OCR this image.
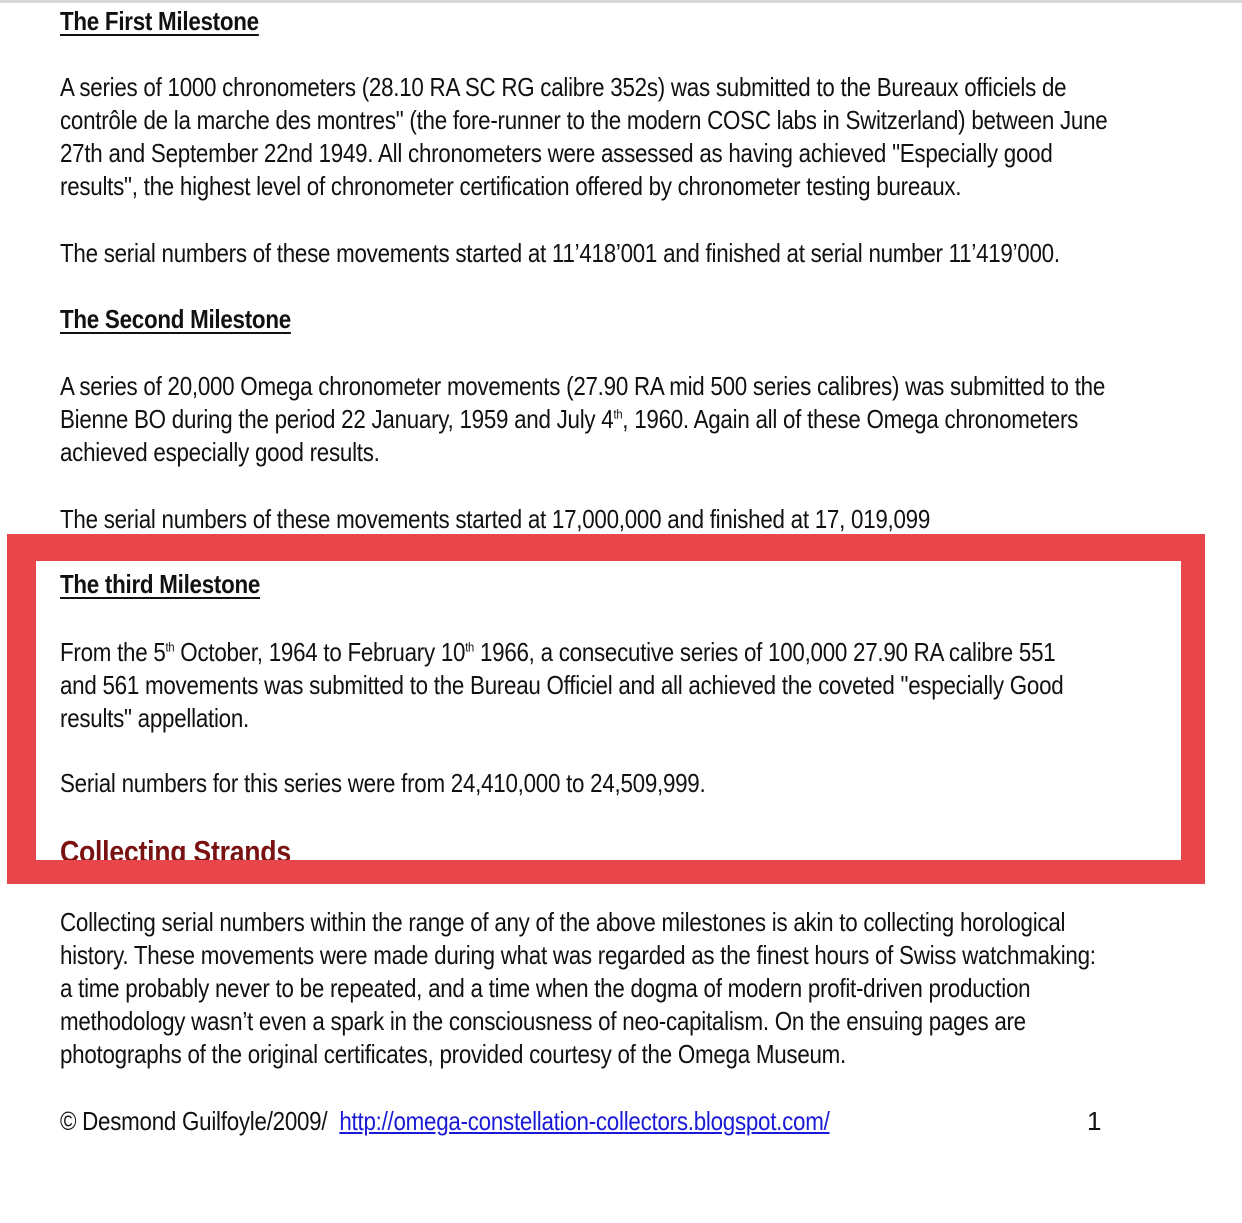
The First Milestone
A series of 1000 chronometers (28.10 RA SC RG calibre 352s) was submitted to the Bureaux officiels de
contrôle de la marche des montres" (the fore-runner to the modern COSC labs in Switzerland) between June
27th and September 22nd 1949. All chronometers were assessed as having achieved "Especially good
results", the highest level of chronometer certification offered by chronometer testing bureaux.
The serial numbers of these movements started at 11’418’001 and finished at serial number 11’419’000.
The Second Milestone
A series of 20,000 Omega chronometer movements (27.90 RA mid 500 series calibres) was submitted to the
Bienne BO during the period 22 January, 1959 and July 4th, 1960. Again all of these Omega chronometers
achieved especially good results.
The serial numbers of these movements started at 17,000,000 and finished at 17, 019,099
The third Milestone
From the 5th October, 1964 to February 10th 1966, a consecutive series of 100,000 27.90 RA calibre 551
and 561 movements was submitted to the Bureau Officiel and all achieved the coveted "especially Good
results" appellation.
Serial numbers for this series were from 24,410,000 to 24,509,999.
Collecting Strands
Collecting serial numbers within the range of any of the above milestones is akin to collecting horological
history. These movements were made during what was regarded as the finest hours of Swiss watchmaking:
a time probably never to be repeated, and a time when the dogma of modern profit-driven production
methodology wasn’t even a spark in the consciousness of neo-capitalism. On the ensuing pages are
photographs of the original certificates, provided courtesy of the Omega Museum.
© Desmond Guilfoyle/2009/ http://omega-constellation-collectors.blogspot.com/	1
